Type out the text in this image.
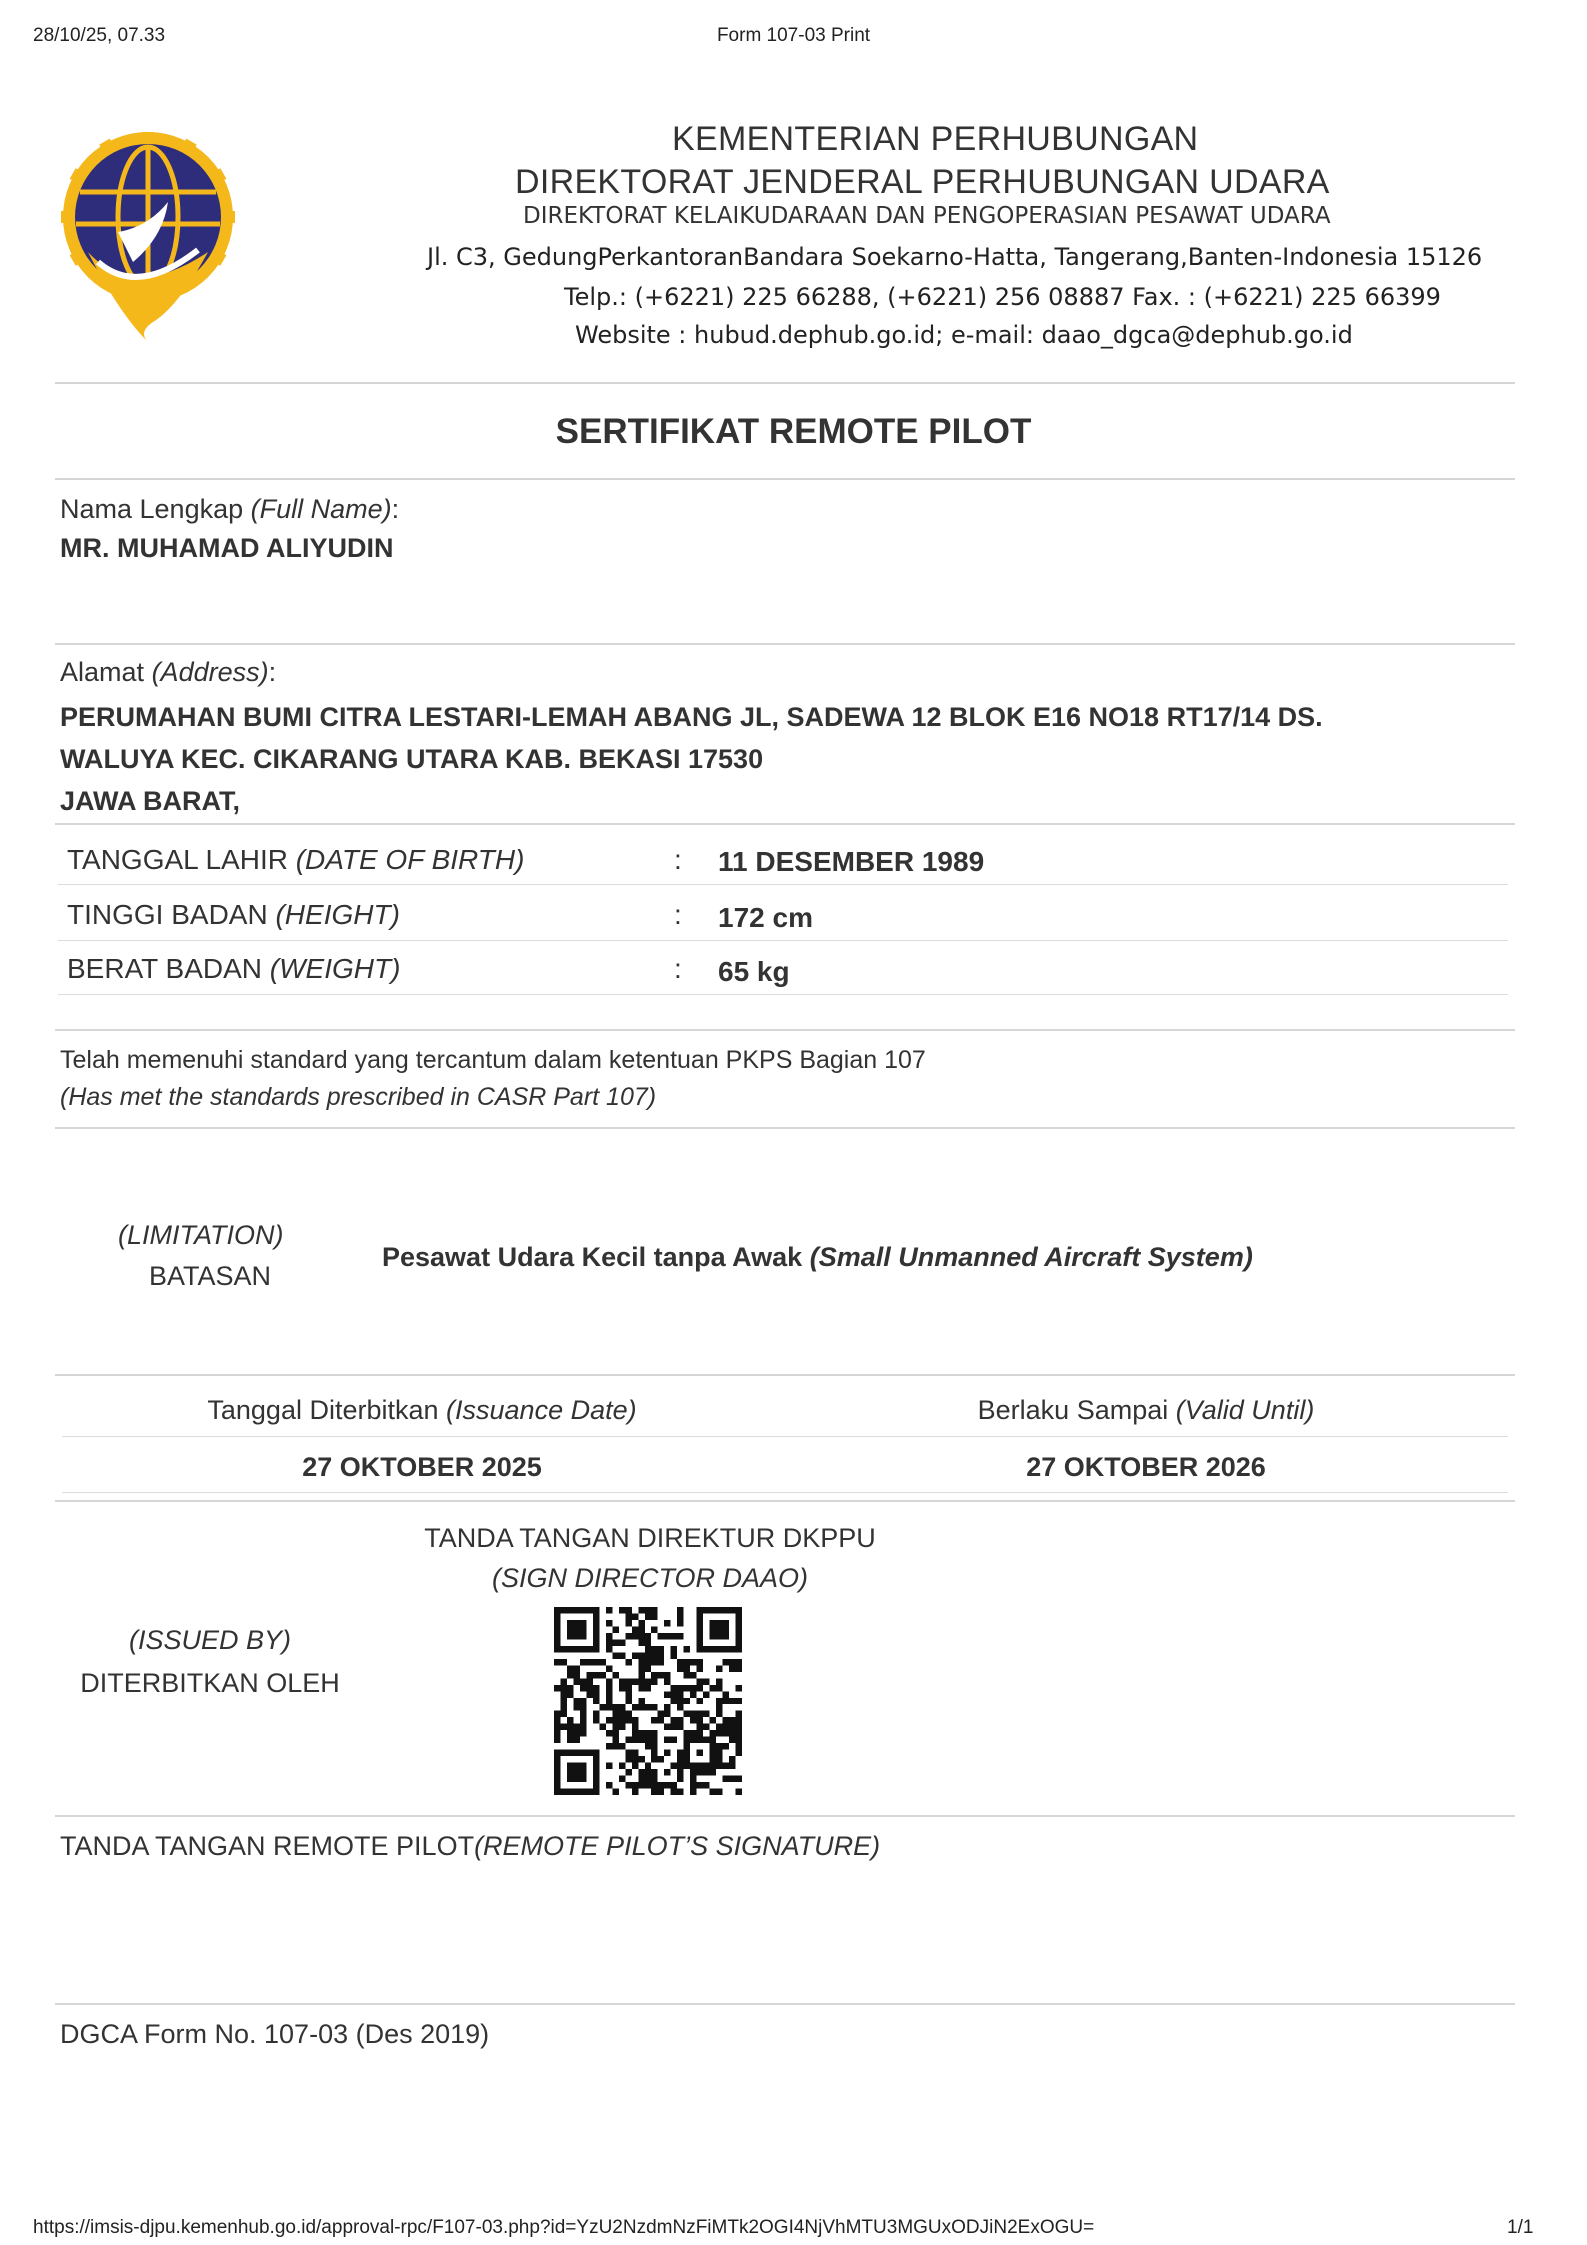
28/10/25, 07.33	Form 107-03 Print
KEMENTERIAN PERHUBUNGAN
DIREKTORAT JENDERAL PERHUBUNGAN UDARA
DIREKTORAT KELAIKUDARAAN DAN PENGOPERASIAN PESAWAT UDARA
Jl. C3, GedungPerkantoranBandara Soekarno-Hatta, Tangerang,Banten-Indonesia 15126
Telp.: (+6221) 225 66288, (+6221) 256 08887 Fax. : (+6221) 225 66399
Website : hubud.dephub.go.id; e-mail: daao_dgca@dephub.go.id
SERTIFIKAT REMOTE PILOT
Nama Lengkap (Full Name):
MR. MUHAMAD ALIYUDIN
Alamat (Address):
PERUMAHAN BUMI CITRA LESTARI-LEMAH ABANG JL, SADEWA 12 BLOK E16 NO18 RT17/14 DS.
WALUYA KEC. CIKARANG UTARA KAB. BEKASI 17530
JAWA BARAT,
TANGGAL LAHIR (DATE OF BIRTH)	: 11 DESEMBER 1989
TINGGI BADAN (HEIGHT)	: 172 cm
BERAT BADAN (WEIGHT)	: 65 kg
Telah memenuhi standard yang tercantum dalam ketentuan PKPS Bagian 107
(Has met the standards prescribed in CASR Part 107)
(LIMITATION)
BATASAN
Pesawat Udara Kecil tanpa Awak (Small Unmanned Aircraft System)
Tanggal Diterbitkan (Issuance Date)	Berlaku Sampai (Valid Until)
27 OKTOBER 2025	27 OKTOBER 2026
TANDA TANGAN DIREKTUR DKPPU
(SIGN DIRECTOR DAAO)
(ISSUED BY)
DITERBITKAN OLEH
TANDA TANGAN REMOTE PILOT(REMOTE PILOT’S SIGNATURE)
DGCA Form No. 107-03 (Des 2019)
https://imsis-djpu.kemenhub.go.id/approval-rpc/F107-03.php?id=YzU2NzdmNzFiMTk2OGI4NjVhMTU3MGUxODJiN2ExOGU=	1/1
